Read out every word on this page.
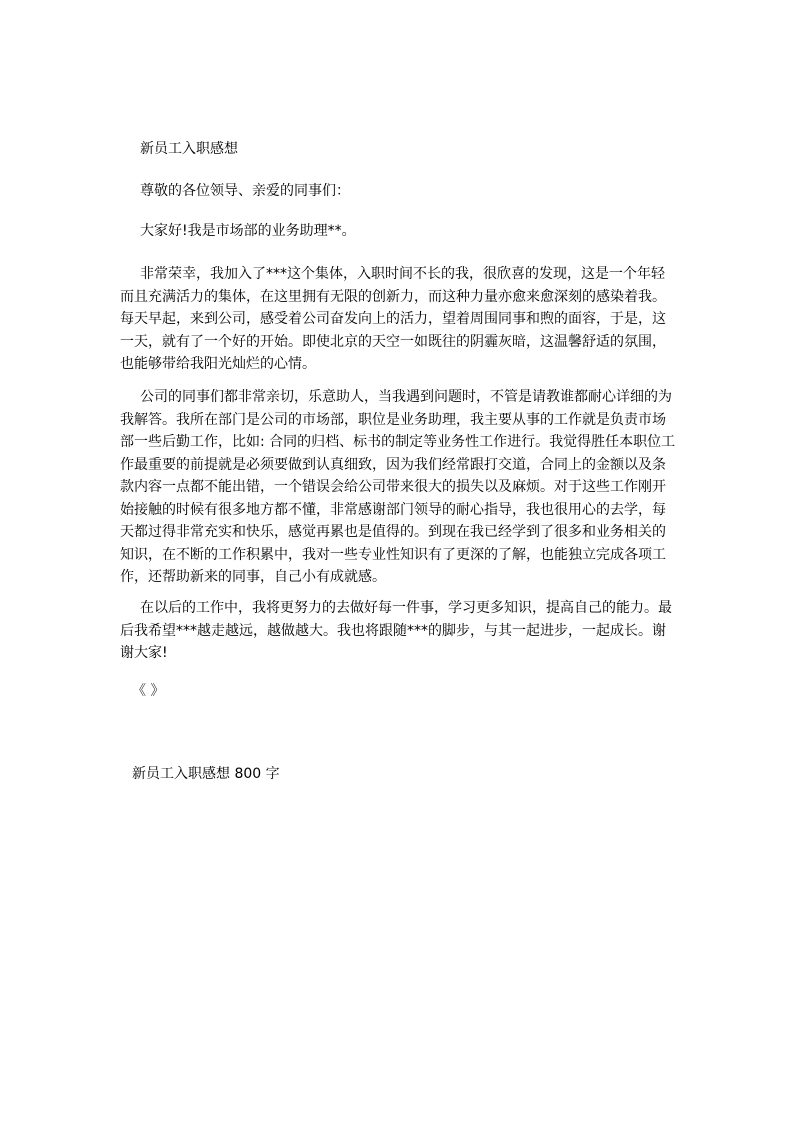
新员工入职感想
尊敬的各位领导、亲爱的同事们：
大家好!我是市场部的业务助理**。
非常荣幸，我加入了***这个集体，入职时间不长的我，很欣喜的发现，这是一个年轻而且充满活力的集体，在这里拥有无限的创新力，而这种力量亦愈来愈深刻的感染着我。每天早起，来到公司，感受着公司奋发向上的活力，望着周围同事和煦的面容，于是，这一天，就有了一个好的开始。即使北京的天空一如既往的阴霾灰暗，这温馨舒适的氛围，也能够带给我阳光灿烂的心情。
公司的同事们都非常亲切，乐意助人，当我遇到问题时，不管是请教谁都耐心详细的为我解答。我所在部门是公司的市场部，职位是业务助理，我主要从事的工作就是负责市场部一些后勤工作，比如: 合同的归档、标书的制定等业务性工作进行。我觉得胜任本职位工作最重要的前提就是必须要做到认真细致，因为我们经常跟打交道，合同上的金额以及条款内容一点都不能出错，一个错误会给公司带来很大的损失以及麻烦。对于这些工作刚开始接触的时候有很多地方都不懂，非常感谢部门领导的耐心指导，我也很用心的去学，每天都过得非常充实和快乐，感觉再累也是值得的。到现在我已经学到了很多和业务相关的知识，在不断的工作积累中，我对一些专业性知识有了更深的了解，也能独立完成各项工作，还帮助新来的同事，自己小有成就感。
在以后的工作中，我将更努力的去做好每一件事，学习更多知识，提高自己的能力。最后我希望***越走越远，越做越大。我也将跟随***的脚步，与其一起进步，一起成长。谢谢大家!
《 》
新员工入职感想 800 字
